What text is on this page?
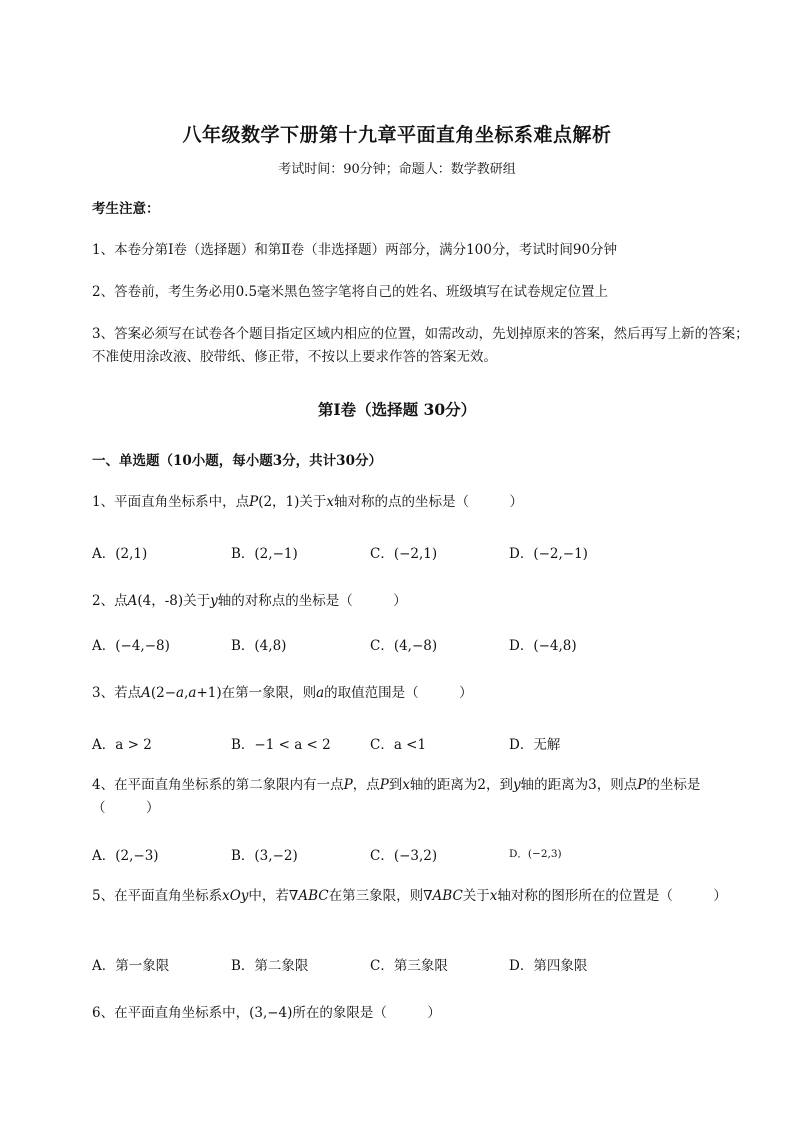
八年级数学下册第十九章平面直角坐标系难点解析
考试时间：90分钟；命题人：数学教研组
考生注意：
1、本卷分第I卷（选择题）和第Ⅱ卷（非选择题）两部分，满分100分，考试时间90分钟
2、答卷前，考生务必用0.5毫米黑色签字笔将自己的姓名、班级填写在试卷规定位置上
3、答案必须写在试卷各个题目指定区域内相应的位置，如需改动，先划掉原来的答案，然后再写上新的答案；不准使用涂改液、胶带纸、修正带，不按以上要求作答的答案无效。
第I卷（选择题 30分）
一、单选题（10小题，每小题3分，共计30分）
1、平面直角坐标系中，点P(2，1)关于x轴对称的点的坐标是（　　　）
A．(2,1)	B．(2,−1)	C．(−2,1)	D．(−2,−1)
2、点A(4，-8)关于y轴的对称点的坐标是（　　　）
A．(−4,−8)	B．(4,8)	C．(4,−8)	D．(−4,8)
3、若点A(2−a,a+1)在第一象限，则a的取值范围是（　　　）
A．a > 2	B．−1 < a < 2	C．a <1	D．无解
4、在平面直角坐标系的第二象限内有一点P，点P到x轴的距离为2，到y轴的距离为3，则点P的坐标是（　　　）
A．(2,−3)	B．(3,−2)	C．(−3,2)	D．(−2,3)
5、在平面直角坐标系xOy中，若∇ABC在第三象限，则∇ABC关于x轴对称的图形所在的位置是（　　　）
A．第一象限	B．第二象限	C．第三象限	D．第四象限
6、在平面直角坐标系中，(3,−4)所在的象限是（　　　）
